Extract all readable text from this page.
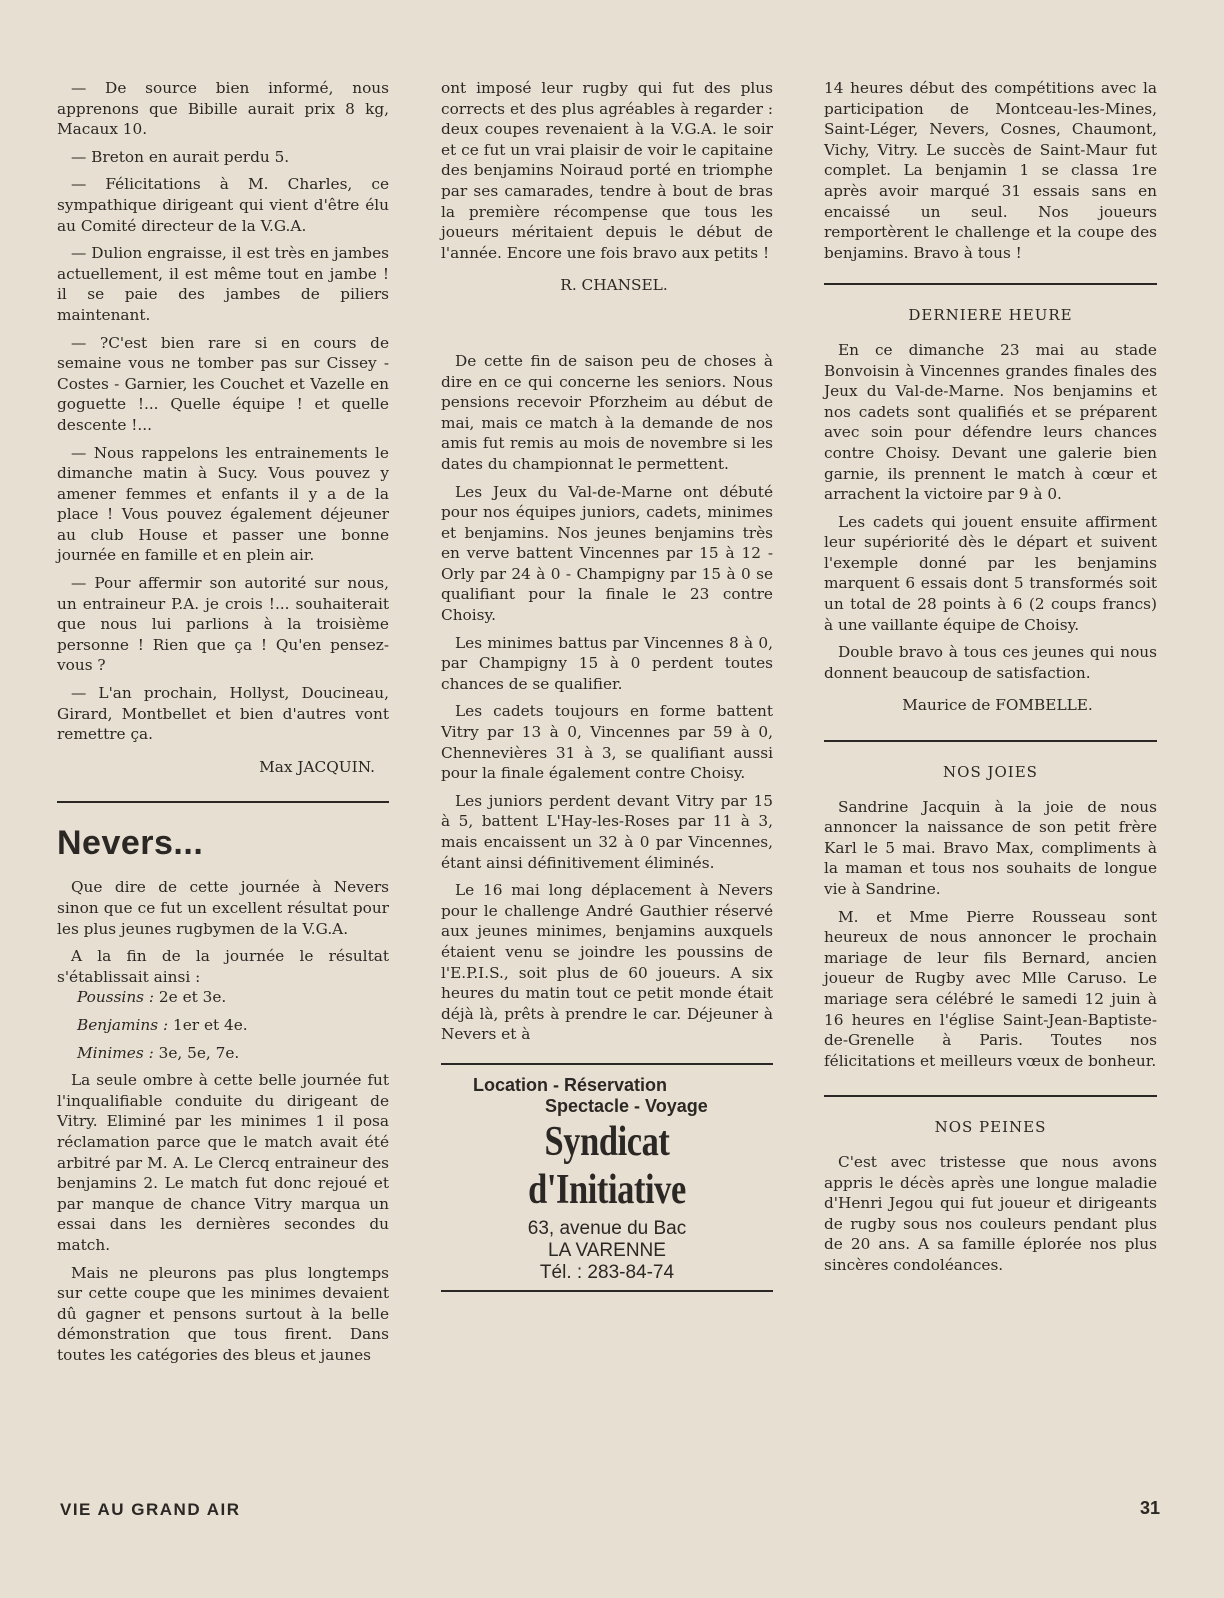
— De source bien informé, nous apprenons que Bibille aurait prix 8 kg, Macaux 10.

— Breton en aurait perdu 5.

— Félicitations à M. Charles, ce sympathique dirigeant qui vient d'être élu au Comité directeur de la V.G.A.

— Dulion engraisse, il est très en jambes actuellement, il est même tout en jambe ! il se paie des jambes de piliers maintenant.

— ?C'est bien rare si en cours de semaine vous ne tomber pas sur Cissey - Costes - Garnier, les Couchet et Vazelle en goguette !... Quelle équipe ! et quelle descente !...

— Nous rappelons les entrainements le dimanche matin à Sucy. Vous pouvez y amener femmes et enfants il y a de la place ! Vous pouvez également déjeuner au club House et passer une bonne journée en famille et en plein air.

— Pour affermir son autorité sur nous, un entraineur P.A. je crois !... souhaiterait que nous lui parlions à la troisième personne ! Rien que ça ! Qu'en pensez-vous ?

— L'an prochain, Hollyst, Doucineau, Girard, Montbellet et bien d'autres vont remettre ça.

Max JACQUIN.

Nevers...

Que dire de cette journée à Nevers sinon que ce fut un excellent résultat pour les plus jeunes rugbymen de la V.G.A.

A la fin de la journée le résultat s'établissait ainsi :

Poussins : 2e et 3e.

Benjamins : 1er et 4e.

Minimes : 3e, 5e, 7e.

La seule ombre à cette belle journée fut l'inqualifiable conduite du dirigeant de Vitry. Eliminé par les minimes 1 il posa réclamation parce que le match avait été arbitré par M. A. Le Clercq entraineur des benjamins 2. Le match fut donc rejoué et par manque de chance Vitry marqua un essai dans les dernières secondes du match.

Mais ne pleurons pas plus longtemps sur cette coupe que les minimes devaient dû gagner et pensons surtout à la belle démonstration que tous firent. Dans toutes les catégories des bleus et jaunes

ont imposé leur rugby qui fut des plus corrects et des plus agréables à regarder : deux coupes revenaient à la V.G.A. le soir et ce fut un vrai plaisir de voir le capitaine des benjamins Noiraud porté en triomphe par ses camarades, tendre à bout de bras la première récompense que tous les joueurs méritaient depuis le début de l'année. Encore une fois bravo aux petits !

R. CHANSEL.

De cette fin de saison peu de choses à dire en ce qui concerne les seniors. Nous pensions recevoir Pforzheim au début de mai, mais ce match à la demande de nos amis fut remis au mois de novembre si les dates du championnat le permettent.

Les Jeux du Val-de-Marne ont débuté pour nos équipes juniors, cadets, minimes et benjamins. Nos jeunes benjamins très en verve battent Vincennes par 15 à 12 - Orly par 24 à 0 - Champigny par 15 à 0 se qualifiant pour la finale le 23 contre Choisy.

Les minimes battus par Vincennes 8 à 0, par Champigny 15 à 0 perdent toutes chances de se qualifier.

Les cadets toujours en forme battent Vitry par 13 à 0, Vincennes par 59 à 0, Chennevières 31 à 3, se qualifiant aussi pour la finale également contre Choisy.

Les juniors perdent devant Vitry par 15 à 5, battent L'Hay-les-Roses par 11 à 3, mais encaissent un 32 à 0 par Vincennes, étant ainsi définitivement éliminés.

Le 16 mai long déplacement à Nevers pour le challenge André Gauthier réservé aux jeunes minimes, benjamins auxquels étaient venu se joindre les poussins de l'E.P.I.S., soit plus de 60 joueurs. A six heures du matin tout ce petit monde était déjà là, prêts à prendre le car. Déjeuner à Nevers et à

Location - Réservation
Spectacle - Voyage
Syndicat d'Initiative
63, avenue du Bac
LA VARENNE
Tél. : 283-84-74

14 heures début des compétitions avec la participation de Montceau-les-Mines, Saint-Léger, Nevers, Cosnes, Chaumont, Vichy, Vitry. Le succès de Saint-Maur fut complet. La benjamin 1 se classa 1re après avoir marqué 31 essais sans en encaissé un seul. Nos joueurs remportèrent le challenge et la coupe des benjamins. Bravo à tous !

DERNIERE HEURE

En ce dimanche 23 mai au stade Bonvoisin à Vincennes grandes finales des Jeux du Val-de-Marne. Nos benjamins et nos cadets sont qualifiés et se préparent avec soin pour défendre leurs chances contre Choisy. Devant une galerie bien garnie, ils prennent le match à cœur et arrachent la victoire par 9 à 0.

Les cadets qui jouent ensuite affirment leur supériorité dès le départ et suivent l'exemple donné par les benjamins marquent 6 essais dont 5 transformés soit un total de 28 points à 6 (2 coups francs) à une vaillante équipe de Choisy.

Double bravo à tous ces jeunes qui nous donnent beaucoup de satisfaction.

Maurice de FOMBELLE.

NOS JOIES

Sandrine Jacquin à la joie de nous annoncer la naissance de son petit frère Karl le 5 mai. Bravo Max, compliments à la maman et tous nos souhaits de longue vie à Sandrine.

M. et Mme Pierre Rousseau sont heureux de nous annoncer le prochain mariage de leur fils Bernard, ancien joueur de Rugby avec Mlle Caruso. Le mariage sera célébré le samedi 12 juin à 16 heures en l'église Saint-Jean-Baptiste-de-Grenelle à Paris. Toutes nos félicitations et meilleurs vœux de bonheur.

NOS PEINES

C'est avec tristesse que nous avons appris le décès après une longue maladie d'Henri Jegou qui fut joueur et dirigeants de rugby sous nos couleurs pendant plus de 20 ans. A sa famille éplorée nos plus sincères condoléances.

VIE AU GRAND AIR	31
